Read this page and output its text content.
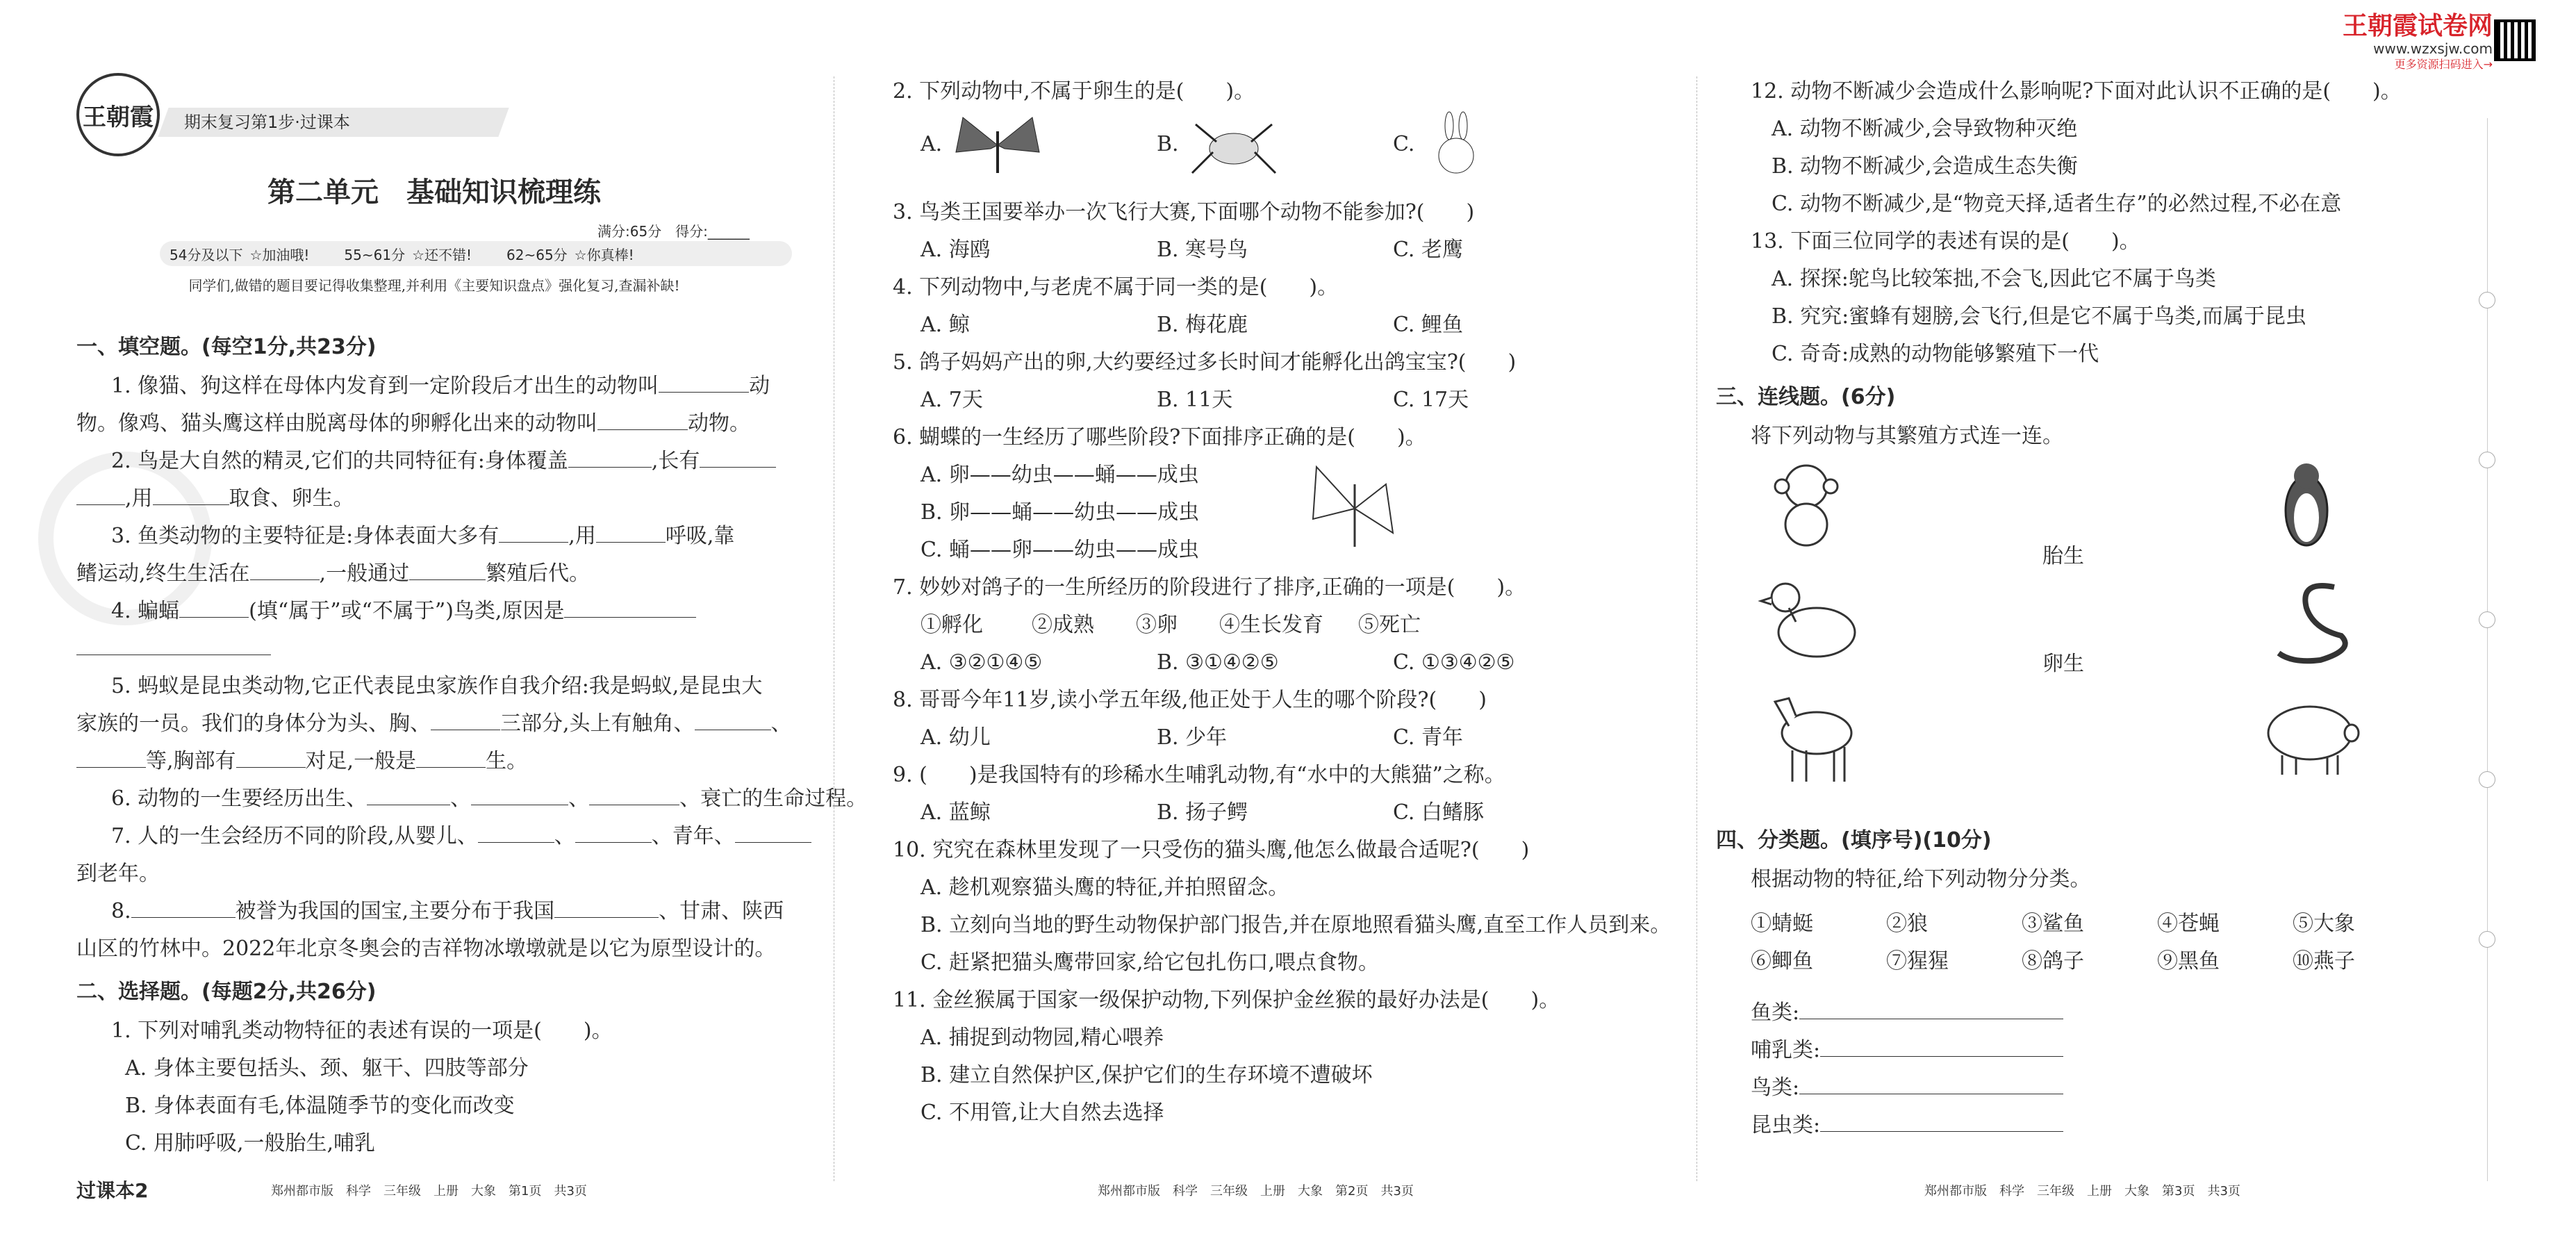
王朝霞试卷网
www.wzxsjw.com
更多资源扫码进入→
王朝霞	期末复习第1步·过课本
第二单元　基础知识梳理练
满分:65分　得分:______
54分及以下 ☆加油哦!	55~61分 ☆还不错!	62~65分 ☆你真棒!
同学们,做错的题目要记得收集整理,并利用《主要知识盘点》强化复习,查漏补缺!
一、填空题。(每空1分,共23分)
1. 像猫、狗这样在母体内发育到一定阶段后才出生的动物叫	动
物。像鸡、猫头鹰这样由脱离母体的卵孵化出来的动物叫	动物。
2. 鸟是大自然的精灵,它们的共同特征有:身体覆盖	,长有
,用	取食、卵生。
3. 鱼类动物的主要特征是:身体表面大多有	,用	呼吸,靠
鳍运动,终生生活在	,一般通过	繁殖后代。
4. 蝙蝠	(填“属于”或“不属于”)鸟类,原因是
5. 蚂蚁是昆虫类动物,它正代表昆虫家族作自我介绍:我是蚂蚁,是昆虫大
家族的一员。我们的身体分为头、胸、	三部分,头上有触角、	、
等,胸部有	对足,一般是	生。
6. 动物的一生要经历出生、	、	、	、衰亡的生命过程。
7. 人的一生会经历不同的阶段,从婴儿、	、	、青年、
到老年。
8.	被誉为我国的国宝,主要分布于我国	、甘肃、陕西
山区的竹林中。2022年北京冬奥会的吉祥物冰墩墩就是以它为原型设计的。
二、选择题。(每题2分,共26分)
1. 下列对哺乳类动物特征的表述有误的一项是(　　)。
A. 身体主要包括头、颈、躯干、四肢等部分
B. 身体表面有毛,体温随季节的变化而改变
C. 用肺呼吸,一般胎生,哺乳
过课本2	郑州都市版　科学　三年级　上册　大象　第1页　共3页
2. 下列动物中,不属于卵生的是(　　)。
A.	B.	C.
3. 鸟类王国要举办一次飞行大赛,下面哪个动物不能参加?(　　)
A. 海鸥	B. 寒号鸟	C. 老鹰
4. 下列动物中,与老虎不属于同一类的是(　　)。
A. 鲸	B. 梅花鹿	C. 鲤鱼
5. 鸽子妈妈产出的卵,大约要经过多长时间才能孵化出鸽宝宝?(　　)
A. 7天	B. 11天	C. 17天
6. 蝴蝶的一生经历了哪些阶段?下面排序正确的是(　　)。
A. 卵——幼虫——蛹——成虫
B. 卵——蛹——幼虫——成虫
C. 蛹——卵——幼虫——成虫
7. 妙妙对鸽子的一生所经历的阶段进行了排序,正确的一项是(　　)。
①孵化	②成熟	③卵	④生长发育	⑤死亡
A. ③②①④⑤	B. ③①④②⑤	C. ①③④②⑤
8. 哥哥今年11岁,读小学五年级,他正处于人生的哪个阶段?(　　)
A. 幼儿	B. 少年	C. 青年
9. (　　)是我国特有的珍稀水生哺乳动物,有“水中的大熊猫”之称。
A. 蓝鲸	B. 扬子鳄	C. 白鳍豚
10. 究究在森林里发现了一只受伤的猫头鹰,他怎么做最合适呢?(　　)
A. 趁机观察猫头鹰的特征,并拍照留念。
B. 立刻向当地的野生动物保护部门报告,并在原地照看猫头鹰,直至工作人员到来。
C. 赶紧把猫头鹰带回家,给它包扎伤口,喂点食物。
11. 金丝猴属于国家一级保护动物,下列保护金丝猴的最好办法是(　　)。
A. 捕捉到动物园,精心喂养
B. 建立自然保护区,保护它们的生存环境不遭破坏
C. 不用管,让大自然去选择
郑州都市版　科学　三年级　上册　大象　第2页　共3页
12. 动物不断减少会造成什么影响呢?下面对此认识不正确的是(　　)。
A. 动物不断减少,会导致物种灭绝
B. 动物不断减少,会造成生态失衡
C. 动物不断减少,是“物竞天择,适者生存”的必然过程,不必在意
13. 下面三位同学的表述有误的是(　　)。
A. 探探:鸵鸟比较笨拙,不会飞,因此它不属于鸟类
B. 究究:蜜蜂有翅膀,会飞行,但是它不属于鸟类,而属于昆虫
C. 奇奇:成熟的动物能够繁殖下一代
三、连线题。(6分)
将下列动物与其繁殖方式连一连。
胎生
卵生
四、分类题。(填序号)(10分)
根据动物的特征,给下列动物分分类。
①蜻蜓	②狼	③鲨鱼	④苍蝇	⑤大象
⑥鲫鱼	⑦猩猩	⑧鸽子	⑨黑鱼	⑩燕子
鱼类:
哺乳类:
鸟类:
昆虫类:
郑州都市版　科学　三年级　上册　大象　第3页　共3页
